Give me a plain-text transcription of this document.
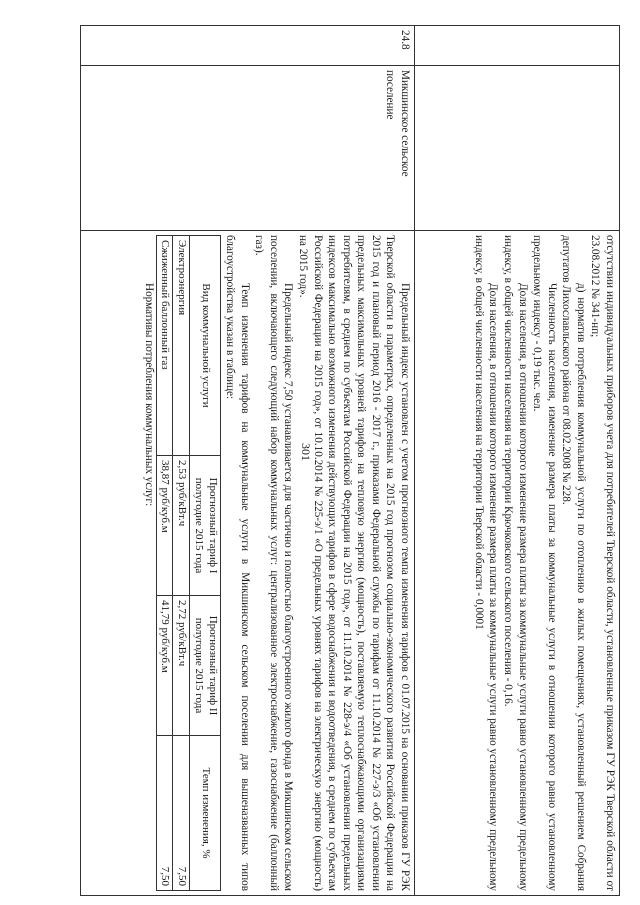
301
			отсутствии индивидуальных приборов учета для потребителей Тверской области, установленные приказом ГУ РЭК Тверской области от 23.08.2012 № 341-нп;

д) норматив потребления коммунальной услуги по отоплению в жилых помещениях, установленный решением Собрания депутатов Лихославльского района от 08.02.2008 № 228.

Численность населения, изменение размера платы за коммунальные услуги в отношении которого равно установленному предельному индексу - 0,19 тыс. чел.

Доля населения, в отношении которого изменение размера платы за коммунальные услуги равно установленному предельному индексу, в общей численности населения на территории Крючковского сельского поселения - 0,16.

Доля населения, в отношении которого изменение размера платы за коммунальные услуги равно установленному предельному индексу, в общей численности населения на территории Тверской области - 0,0001

24.8	Микшинское сельское поселение	

Предельный индекс установлен с учетом прогнозного темпа изменения тарифов с 01.07.2015 на основании приказов ГУ РЭК Тверской области в параметрах, определенных на 2015 год прогнозом социально-экономического развития Российской Федерации на 2015 год и плановый период 2016 - 2017 г., приказами Федеральной службы по тарифам от 11.10.2014 № 227-э/3 «Об установлении предельных максимальных уровней тарифов на тепловую энергию (мощность), поставляемую теплоснабжающими организациями потребителям, в среднем по субъектам Российской Федерации на 2015 год», от 11.10.2014 № 228-э/4 «Об установлении предельных индексов максимально возможного изменения действующих тарифов в сфере водоснабжения и водоотведения, в среднем по субъектам Российской Федерации на 2015 год», от 10.10.2014 № 225-э/1 «О предельных уровнях тарифов на электрическую энергию (мощность) на 2015 год».

Предельный индекс 7,50 устанавливается для частично и полностью благоустроенного жилого фонда в Микшинском сельском поселении, включающего следующий набор коммунальных услуг: централизованное электроснабжение, газоснабжение (баллонный газ).

Темп изменения тарифов на коммунальные услуги в Микшинском сельском поселении для вышеназванных типов благоустройства указан в таблице:

Вид коммунальной услуги	Прогнозный тариф I полугодие 2015 года	Прогнозный тариф II полугодие 2015 года	Темп изменения, %
Электроэнергия	2,53 руб/кВт.ч	2,72 руб/кВт.ч	7,50
Сжиженный баллонный газ	38,87 руб/куб.м	41,79 руб/куб.м	7,50

Нормативы потребления коммунальных услуг:
